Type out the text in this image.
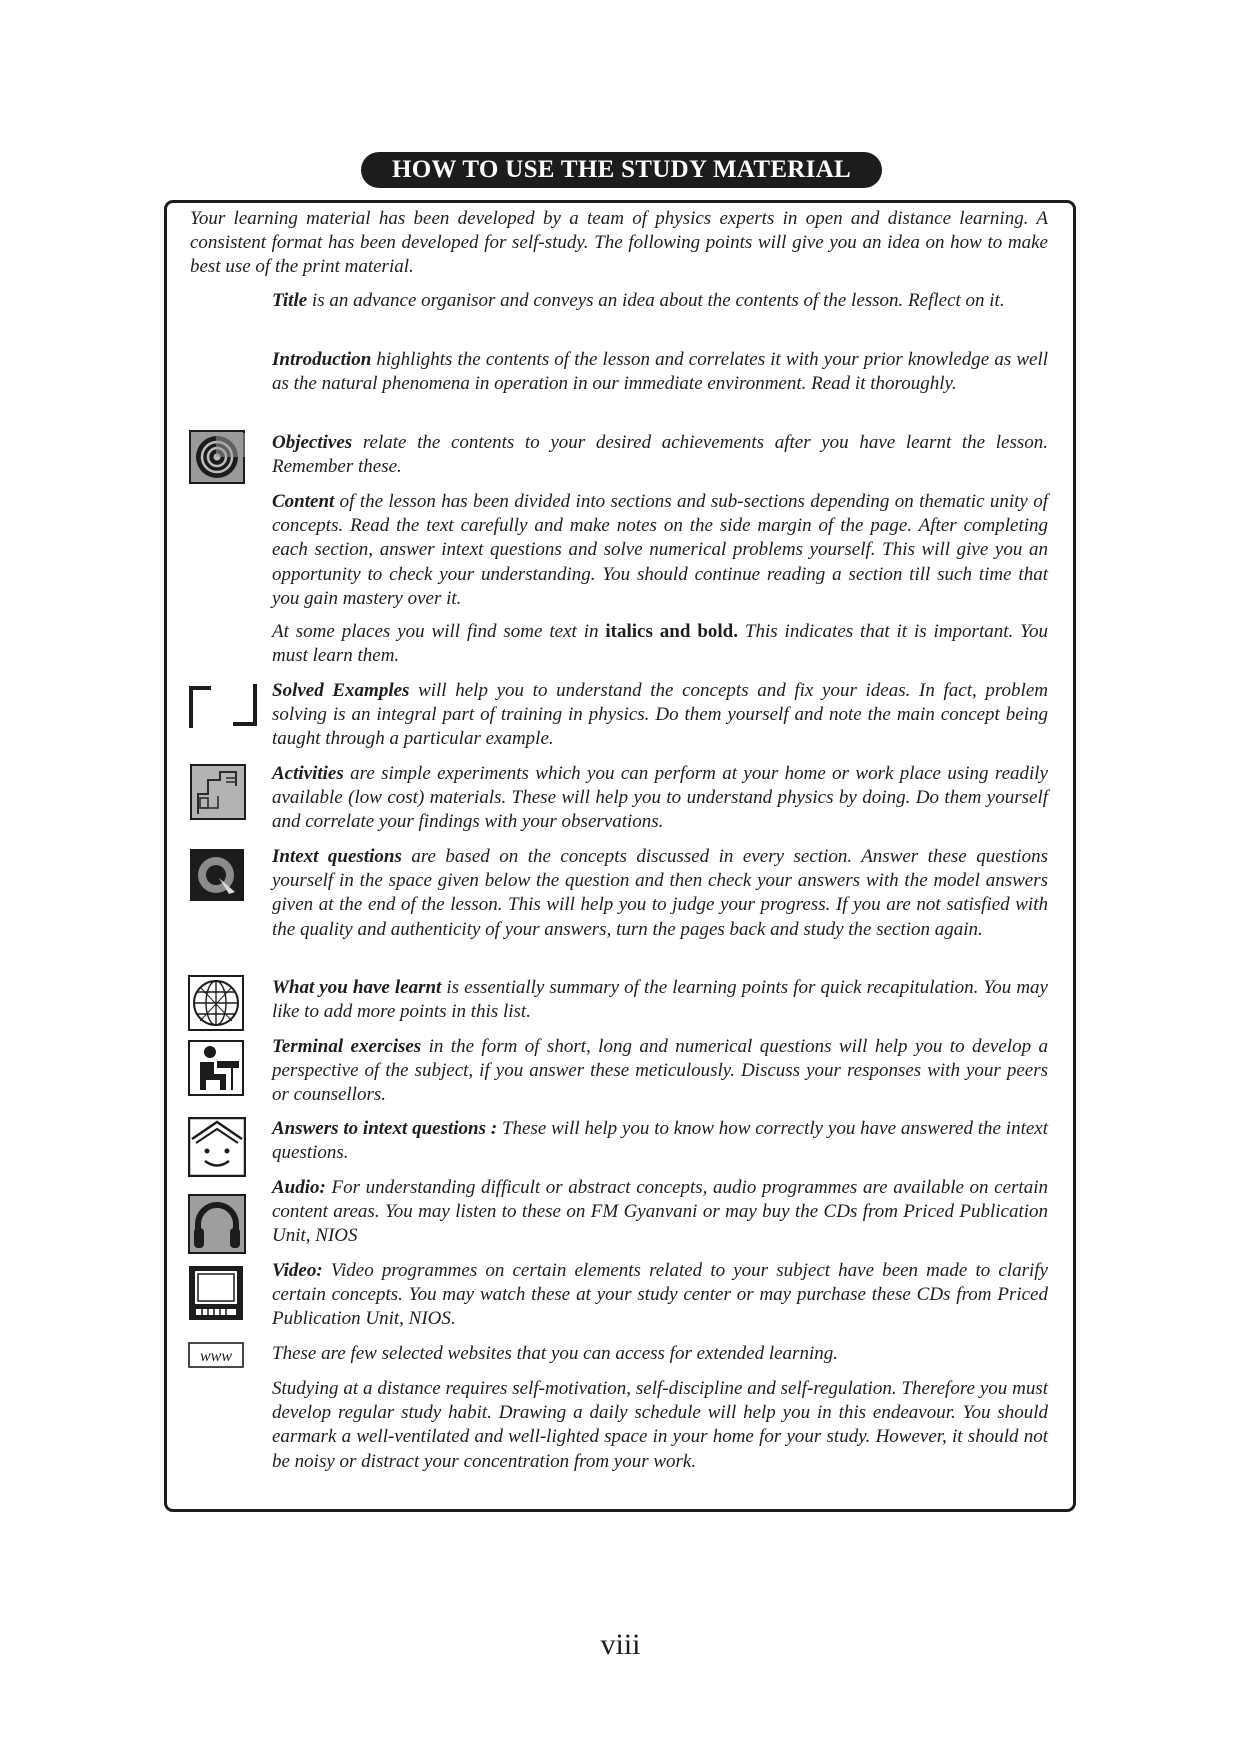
HOW TO USE THE STUDY MATERIAL

Your learning material has been developed by a team of physics experts in open and distance learning. A consistent format has been developed for self-study. The following points will give you an idea on how to make best use of the print material.

Title is an advance organisor and conveys an idea about the contents of the lesson. Reflect on it.

Introduction highlights the contents of the lesson and correlates it with your prior knowledge as well as the natural phenomena in operation in our immediate environment. Read it thoroughly.

Objectives relate the contents to your desired achievements after you have learnt the lesson. Remember these.

Content of the lesson has been divided into sections and sub-sections depending on thematic unity of concepts. Read the text carefully and make notes on the side margin of the page. After completing each section, answer intext questions and solve numerical problems yourself. This will give you an opportunity to check your understanding. You should continue reading a section till such time that you gain mastery over it.

At some places you will find some text in italics and bold. This indicates that it is important. You must learn them.

Solved Examples will help you to understand the concepts and fix your ideas. In fact, problem solving is an integral part of training in physics. Do them yourself and note the main concept being taught through a particular example.

Activities are simple experiments which you can perform at your home or work place using readily available (low cost) materials. These will help you to understand physics by doing. Do them yourself and correlate your findings with your observations.

Intext questions are based on the concepts discussed in every section. Answer these questions yourself in the space given below the question and then check your answers with the model answers given at the end of the lesson. This will help you to judge your progress. If you are not satisfied with the quality and authenticity of your answers, turn the pages back and study the section again.

What you have learnt is essentially summary of the learning points for quick recapitulation. You may like to add more points in this list.

Terminal exercises in the form of short, long and numerical questions will help you to develop a perspective of the subject, if you answer these meticulously. Discuss your responses with your peers or counsellors.

Answers to intext questions : These will help you to know how correctly you have answered the intext questions.

Audio: For understanding difficult or abstract concepts, audio programmes are available on certain content areas. You may listen to these on FM Gyanvani or may buy the CDs from Priced Publication Unit, NIOS

Video: Video programmes on certain elements related to your subject have been made to clarify certain concepts. You may watch these at your study center or may purchase these CDs from Priced Publication Unit, NIOS.

These are few selected websites that you can access for extended learning.

Studying at a distance requires self-motivation, self-discipline and self-regulation. Therefore you must develop regular study habit. Drawing a daily schedule will help you in this endeavour. You should earmark a well-ventilated and well-lighted space in your home for your study. However, it should not be noisy or distract your concentration from your work.

www
viii
